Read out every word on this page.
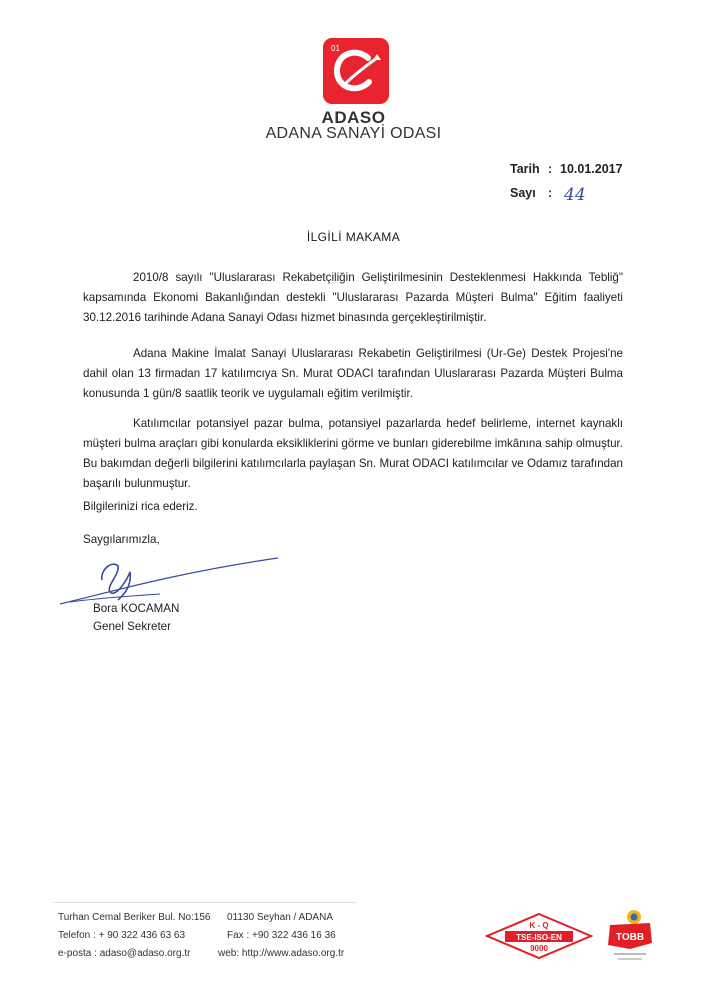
01
ADASO
ADANA SANAYİ ODASI
Tarih : 10.01.2017
Sayı : 44
İLGİLİ MAKAMA
2010/8 sayılı "Uluslararası Rekabetçiliğin Geliştirilmesinin Desteklenmesi Hakkında Tebliğ" kapsamında Ekonomi Bakanlığından destekli "Uluslararası Pazarda Müşteri Bulma" Eğitim faaliyeti 30.12.2016 tarihinde Adana Sanayi Odası hizmet binasında gerçekleştirilmiştir.
Adana Makine İmalat Sanayi Uluslararası Rekabetin Geliştirilmesi (Ur-Ge) Destek Projesi'ne dahil olan 13 firmadan 17 katılımcıya Sn. Murat ODACI tarafından Uluslararası Pazarda Müşteri Bulma konusunda 1 gün/8 saatlik teorik ve uygulamalı eğitim verilmiştir.
Katılımcılar potansiyel pazar bulma, potansiyel pazarlarda hedef belirleme, internet kaynaklı müşteri bulma araçları gibi konularda eksikliklerini görme ve bunları giderebilme imkânına sahip olmuştur. Bu bakımdan değerli bilgilerini katılımcılarla paylaşan Sn. Murat ODACI katılımcılar ve Odamız tarafından başarılı bulunmuştur.
Bilgilerinizi rica ederiz.
Saygılarımızla,
Bora KOCAMAN
Genel Sekreter
Turhan Cemal Beriker Bul. No:156 01130 Seyhan / ADANA
Telefon : + 90 322 436 63 63	Fax : +90 322 436 16 36
e-posta : adaso@adaso.org.tr	web: http://www.adaso.org.tr
K - Q
TSE-ISO-EN
9000
TOBB
